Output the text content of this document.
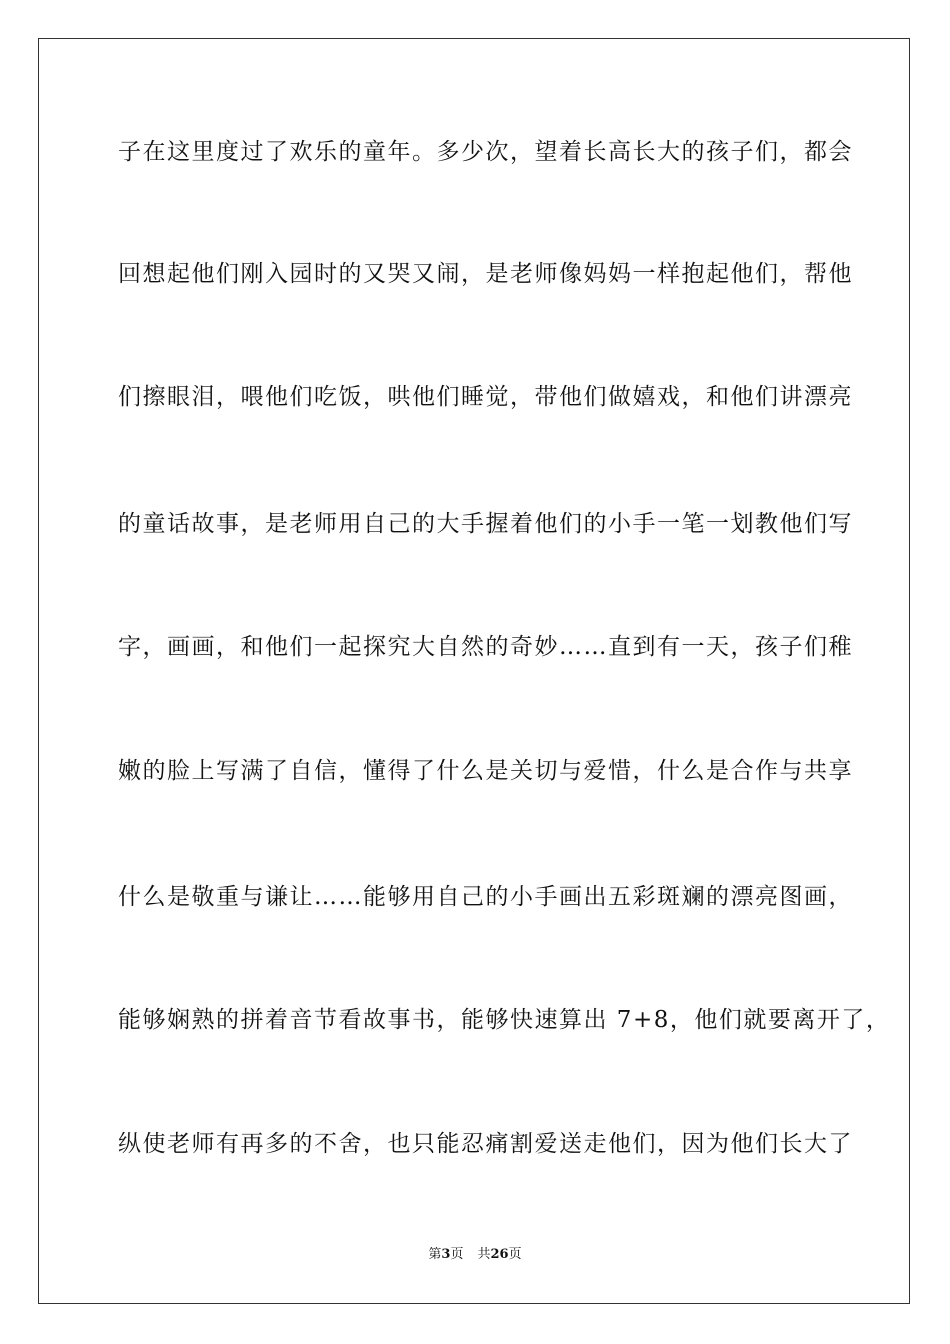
子在这里度过了欢乐的童年。多少次，望着长高长大的孩子们，都会
回想起他们刚入园时的又哭又闹，是老师像妈妈一样抱起他们，帮他
们擦眼泪，喂他们吃饭，哄他们睡觉，带他们做嬉戏，和他们讲漂亮
的童话故事，是老师用自己的大手握着他们的小手一笔一划教他们写
字，画画，和他们一起探究大自然的奇妙……直到有一天，孩子们稚
嫩的脸上写满了自信，懂得了什么是关切与爱惜，什么是合作与共享
什么是敬重与谦让……能够用自己的小手画出五彩斑斓的漂亮图画，
能够娴熟的拼着音节看故事书，能够快速算出 7+8，他们就要离开了，
纵使老师有再多的不舍，也只能忍痛割爱送走他们，因为他们长大了
第3页 共26页
